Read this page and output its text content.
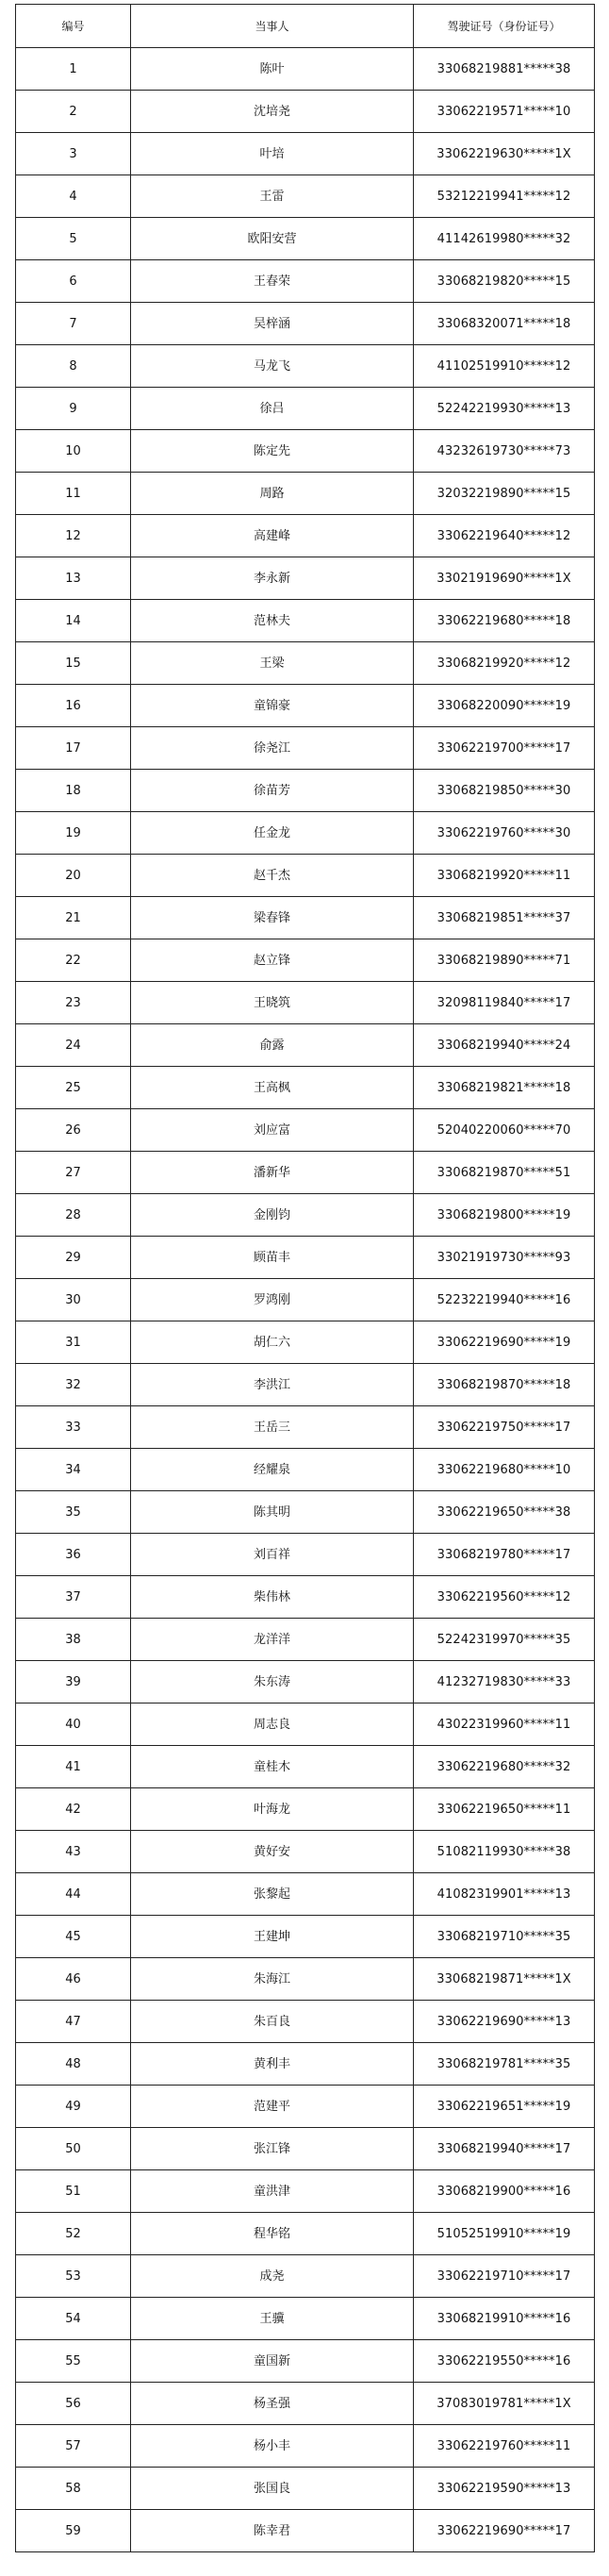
编号	当事人	驾驶证号（身份证号）
1	陈叶	33068219881*****38
2	沈培尧	33062219571*****10
3	叶培	33062219630*****1X
4	王雷	53212219941*****12
5	欧阳安营	41142619980*****32
6	王春荣	33068219820*****15
7	吴梓涵	33068320071*****18
8	马龙飞	41102519910*****12
9	徐吕	52242219930*****13
10	陈定先	43232619730*****73
11	周路	32032219890*****15
12	高建峰	33062219640*****12
13	李永新	33021919690*****1X
14	范林夫	33062219680*****18
15	王梁	33068219920*****12
16	童锦豪	33068220090*****19
17	徐尧江	33062219700*****17
18	徐苗芳	33068219850*****30
19	任金龙	33062219760*****30
20	赵千杰	33068219920*****11
21	梁春锋	33068219851*****37
22	赵立锋	33068219890*****71
23	王晓筑	32098119840*****17
24	俞露	33068219940*****24
25	王高枫	33068219821*****18
26	刘应富	52040220060*****70
27	潘新华	33068219870*****51
28	金刚钧	33068219800*****19
29	顾苗丰	33021919730*****93
30	罗鸿刚	52232219940*****16
31	胡仁六	33062219690*****19
32	李洪江	33068219870*****18
33	王岳三	33062219750*****17
34	经耀泉	33062219680*****10
35	陈其明	33062219650*****38
36	刘百祥	33068219780*****17
37	柴伟林	33062219560*****12
38	龙洋洋	52242319970*****35
39	朱东涛	41232719830*****33
40	周志良	43022319960*****11
41	童桂木	33062219680*****32
42	叶海龙	33062219650*****11
43	黄好安	51082119930*****38
44	张黎起	41082319901*****13
45	王建坤	33068219710*****35
46	朱海江	33068219871*****1X
47	朱百良	33062219690*****13
48	黄利丰	33068219781*****35
49	范建平	33062219651*****19
50	张江锋	33068219940*****17
51	童洪津	33068219900*****16
52	程华铭	51052519910*****19
53	成尧	33062219710*****17
54	王骥	33068219910*****16
55	童国新	33062219550*****16
56	杨圣强	37083019781*****1X
57	杨小丰	33062219760*****11
58	张国良	33062219590*****13
59	陈幸君	33062219690*****17
